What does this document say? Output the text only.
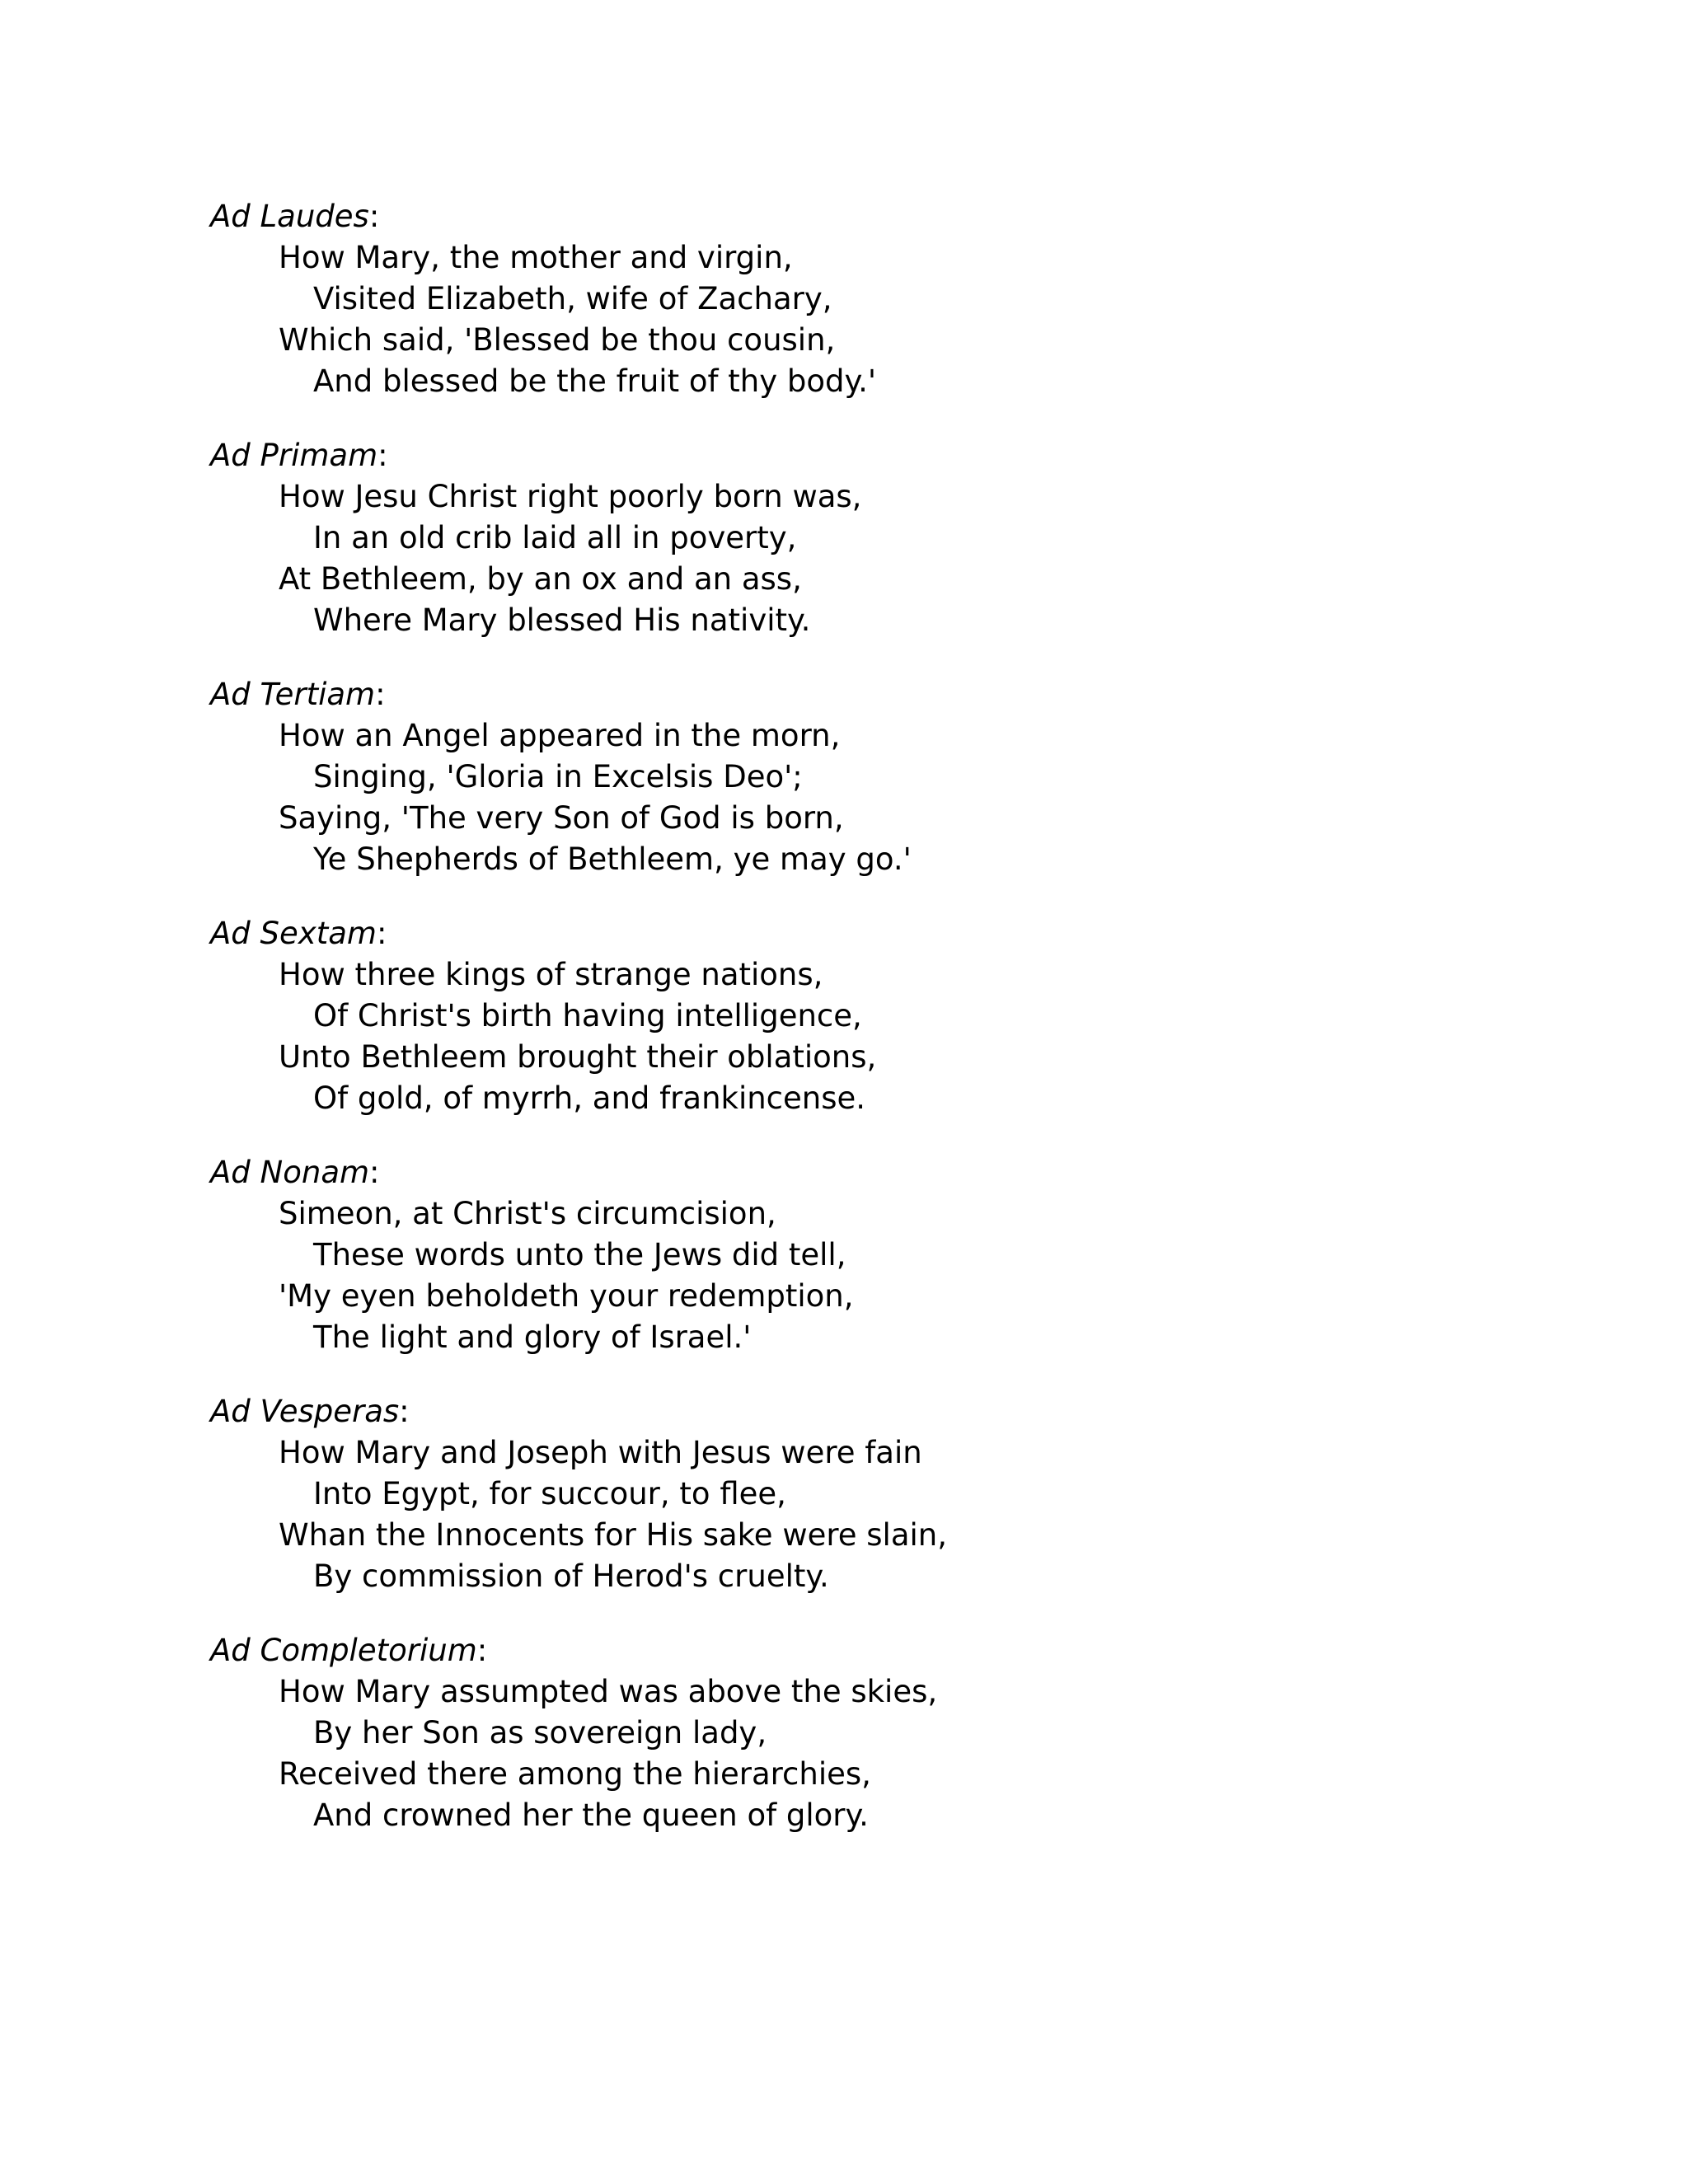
Ad Laudes:
How Mary, the mother and virgin,
Visited Elizabeth, wife of Zachary,
Which said, 'Blessed be thou cousin,
And blessed be the fruit of thy body.'
Ad Primam:
How Jesu Christ right poorly born was,
In an old crib laid all in poverty,
At Bethleem, by an ox and an ass,
Where Mary blessed His nativity.
Ad Tertiam:
How an Angel appeared in the morn,
Singing, 'Gloria in Excelsis Deo';
Saying, 'The very Son of God is born,
Ye Shepherds of Bethleem, ye may go.'
Ad Sextam:
How three kings of strange nations,
Of Christ's birth having intelligence,
Unto Bethleem brought their oblations,
Of gold, of myrrh, and frankincense.
Ad Nonam:
Simeon, at Christ's circumcision,
These words unto the Jews did tell,
'My eyen beholdeth your redemption,
The light and glory of Israel.'
Ad Vesperas:
How Mary and Joseph with Jesus were fain
Into Egypt, for succour, to flee,
Whan the Innocents for His sake were slain,
By commission of Herod's cruelty.
Ad Completorium:
How Mary assumpted was above the skies,
By her Son as sovereign lady,
Received there among the hierarchies,
And crowned her the queen of glory.
